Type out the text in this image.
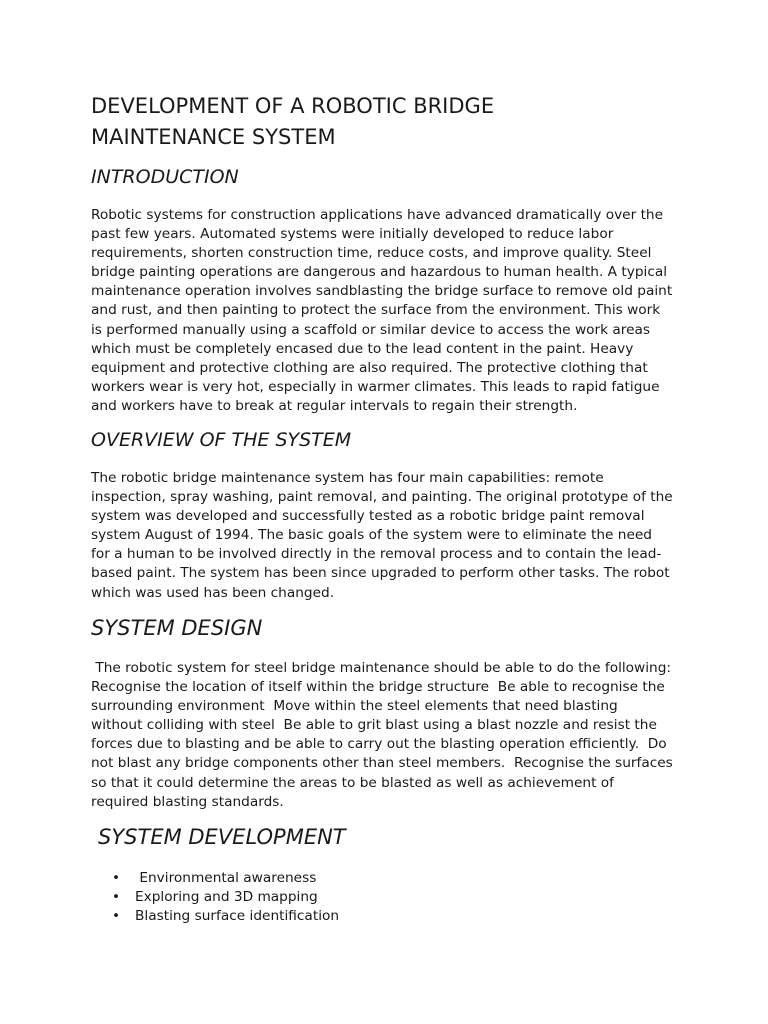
DEVELOPMENT OF A ROBOTIC BRIDGE
MAINTENANCE SYSTEM
INTRODUCTION

Robotic systems for construction applications have advanced dramatically over the
past few years. Automated systems were initially developed to reduce labor
requirements, shorten construction time, reduce costs, and improve quality. Steel
bridge painting operations are dangerous and hazardous to human health. A typical
maintenance operation involves sandblasting the bridge surface to remove old paint
and rust, and then painting to protect the surface from the environment. This work
is performed manually using a scaffold or similar device to access the work areas
which must be completely encased due to the lead content in the paint. Heavy
equipment and protective clothing are also required. The protective clothing that
workers wear is very hot, especially in warmer climates. This leads to rapid fatigue
and workers have to break at regular intervals to regain their strength.

OVERVIEW OF THE SYSTEM

The robotic bridge maintenance system has four main capabilities: remote
inspection, spray washing, paint removal, and painting. The original prototype of the
system was developed and successfully tested as a robotic bridge paint removal
system August of 1994. The basic goals of the system were to eliminate the need
for a human to be involved directly in the removal process and to contain the lead-
based paint. The system has been since upgraded to perform other tasks. The robot
which was used has been changed.

SYSTEM DESIGN

The robotic system for steel bridge maintenance should be able to do the following:
Recognise the location of itself within the bridge structure  Be able to recognise the
surrounding environment  Move within the steel elements that need blasting
without colliding with steel  Be able to grit blast using a blast nozzle and resist the
forces due to blasting and be able to carry out the blasting operation efficiently.  Do
not blast any bridge components other than steel members.  Recognise the surfaces
so that it could determine the areas to be blasted as well as achievement of
required blasting standards.

SYSTEM DEVELOPMENT
• Environmental awareness
• Exploring and 3D mapping
• Blasting surface identification
